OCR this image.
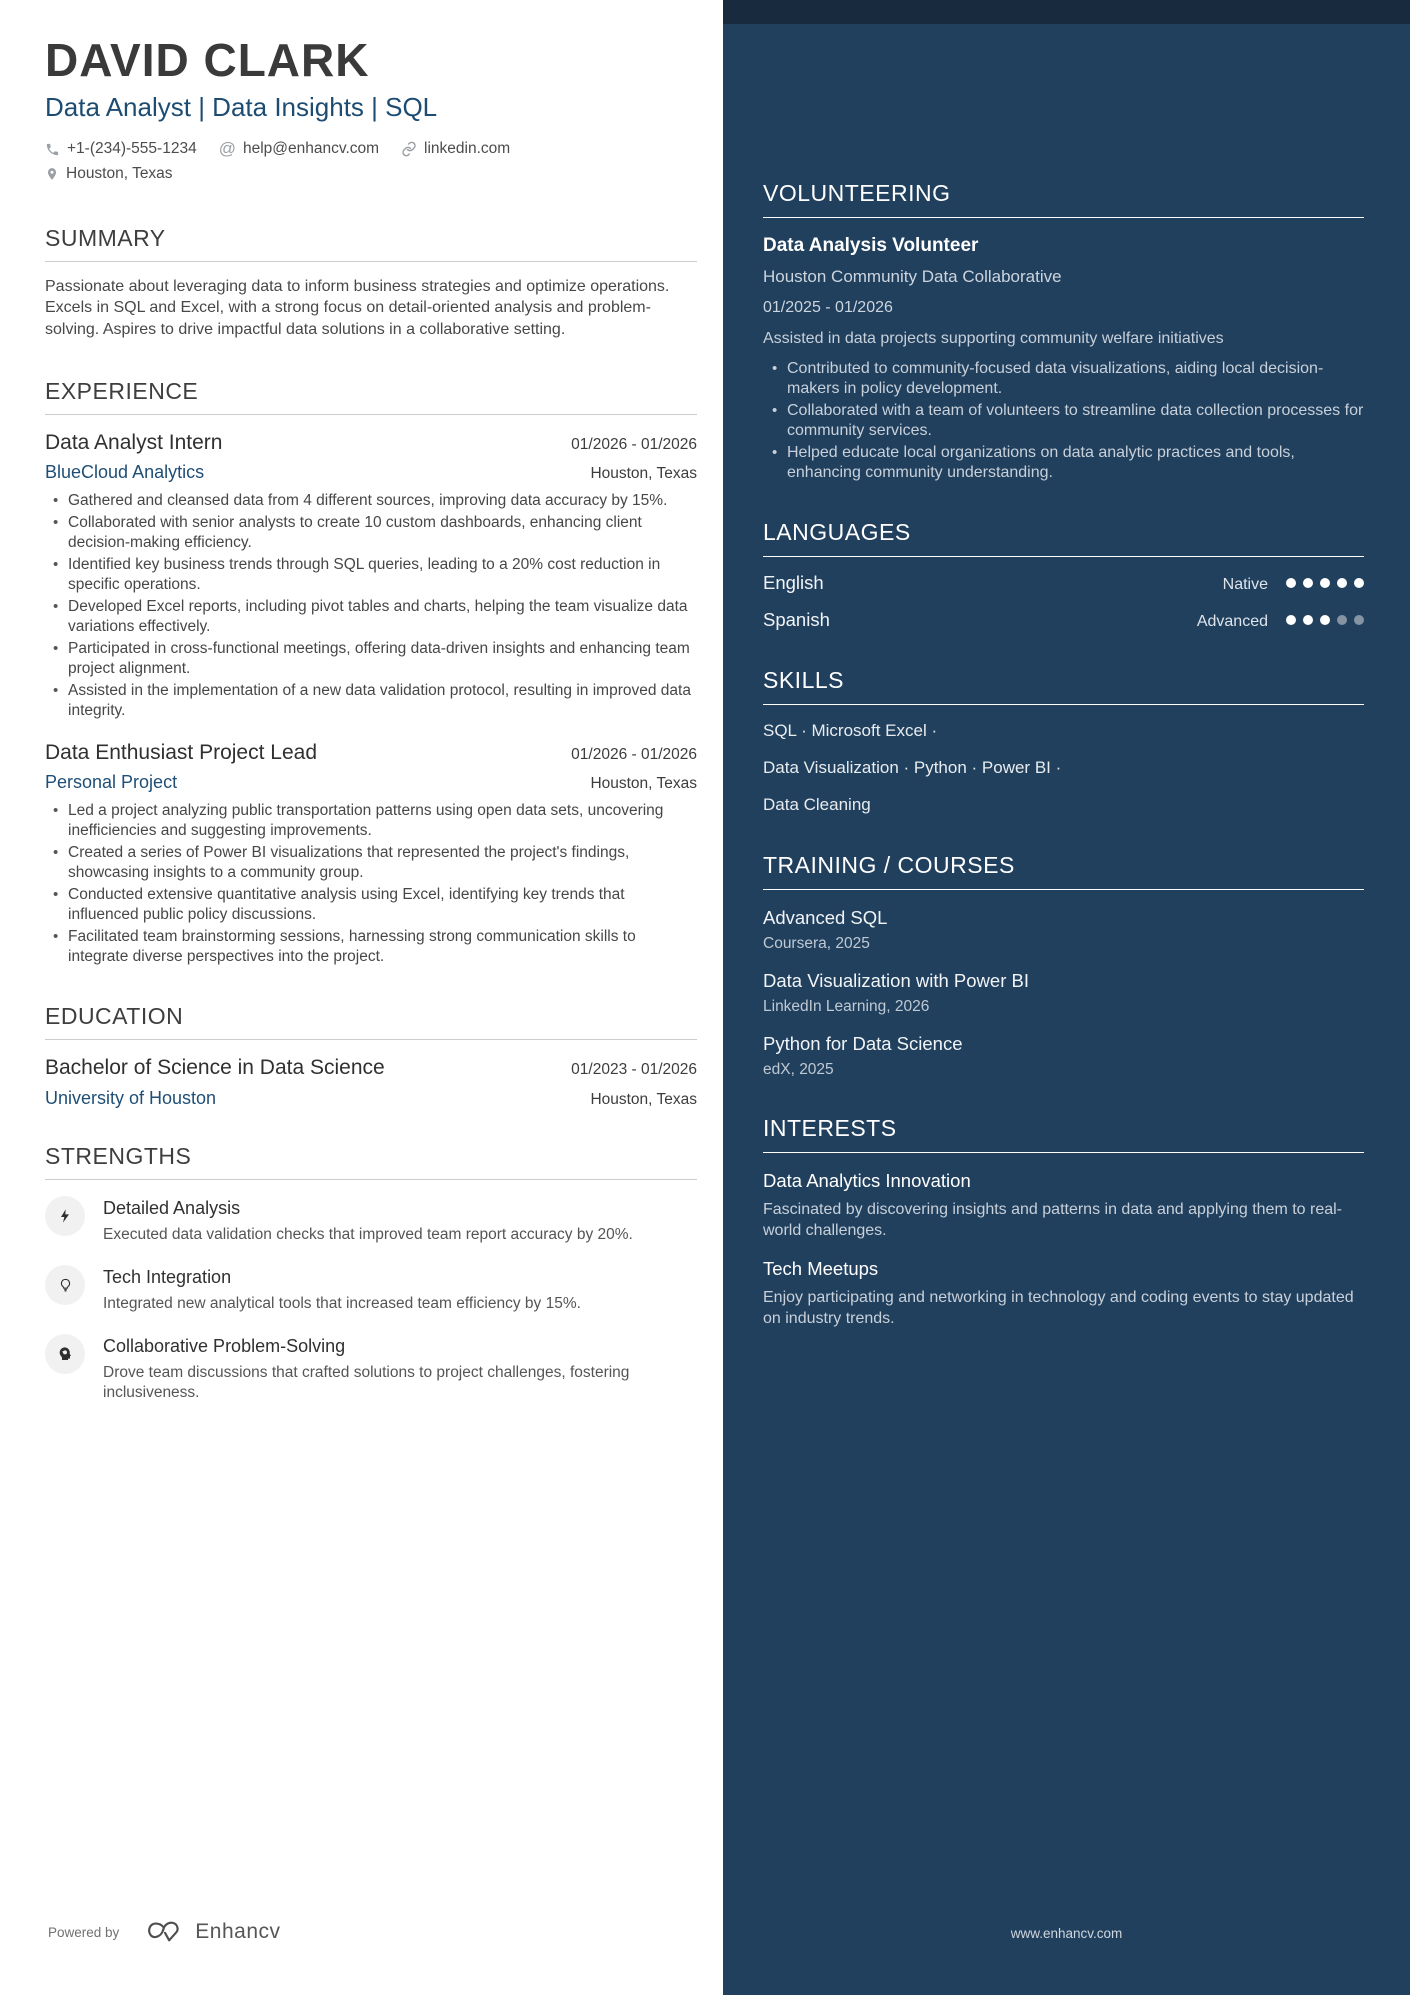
DAVID CLARK
Data Analyst | Data Insights | SQL
+1-(234)-555-1234 @ help@enhancv.com	linkedin.com
Houston, Texas
SUMMARY

Passionate about leveraging data to inform business strategies and optimize operations. Excels in SQL and Excel, with a strong focus on detail-oriented analysis and problem-solving. Aspires to drive impactful data solutions in a collaborative setting.

EXPERIENCE
Data Analyst Intern	01/2026 - 01/2026
BlueCloud Analytics	Houston, Texas
• Gathered and cleansed data from 4 different sources, improving data accuracy by 15%.
• Collaborated with senior analysts to create 10 custom dashboards, enhancing client decision-making efficiency.
• Identified key business trends through SQL queries, leading to a 20% cost reduction in specific operations.
• Developed Excel reports, including pivot tables and charts, helping the team visualize data variations effectively.
• Participated in cross-functional meetings, offering data-driven insights and enhancing team project alignment.
• Assisted in the implementation of a new data validation protocol, resulting in improved data integrity.
Data Enthusiast Project Lead	01/2026 - 01/2026
Personal Project	Houston, Texas
• Led a project analyzing public transportation patterns using open data sets, uncovering inefficiencies and suggesting improvements.
• Created a series of Power BI visualizations that represented the project's findings, showcasing insights to a community group.
• Conducted extensive quantitative analysis using Excel, identifying key trends that influenced public policy discussions.
• Facilitated team brainstorming sessions, harnessing strong communication skills to integrate diverse perspectives into the project.
EDUCATION
Bachelor of Science in Data Science	01/2023 - 01/2026
University of Houston	Houston, Texas
STRENGTHS
Detailed Analysis
Executed data validation checks that improved team report accuracy by 20%.
Tech Integration
Integrated new analytical tools that increased team efficiency by 15%.
Collaborative Problem-Solving
Drove team discussions that crafted solutions to project challenges, fostering inclusiveness.
Powered by	Enhancv
VOLUNTEERING
Data Analysis Volunteer
Houston Community Data Collaborative
01/2025 - 01/2026
Assisted in data projects supporting community welfare initiatives
• Contributed to community-focused data visualizations, aiding local decision-makers in policy development.
• Collaborated with a team of volunteers to streamline data collection processes for community services.
• Helped educate local organizations on data analytic practices and tools, enhancing community understanding.
LANGUAGES
English	Native
Spanish	Advanced
SKILLS
SQL · Microsoft Excel ·
Data Visualization · Python · Power BI ·
Data Cleaning
TRAINING / COURSES
Advanced SQL
Coursera, 2025
Data Visualization with Power BI
LinkedIn Learning, 2026
Python for Data Science
edX, 2025
INTERESTS
Data Analytics Innovation
Fascinated by discovering insights and patterns in data and applying them to real-world challenges.
Tech Meetups
Enjoy participating and networking in technology and coding events to stay updated on industry trends.
www.enhancv.com
